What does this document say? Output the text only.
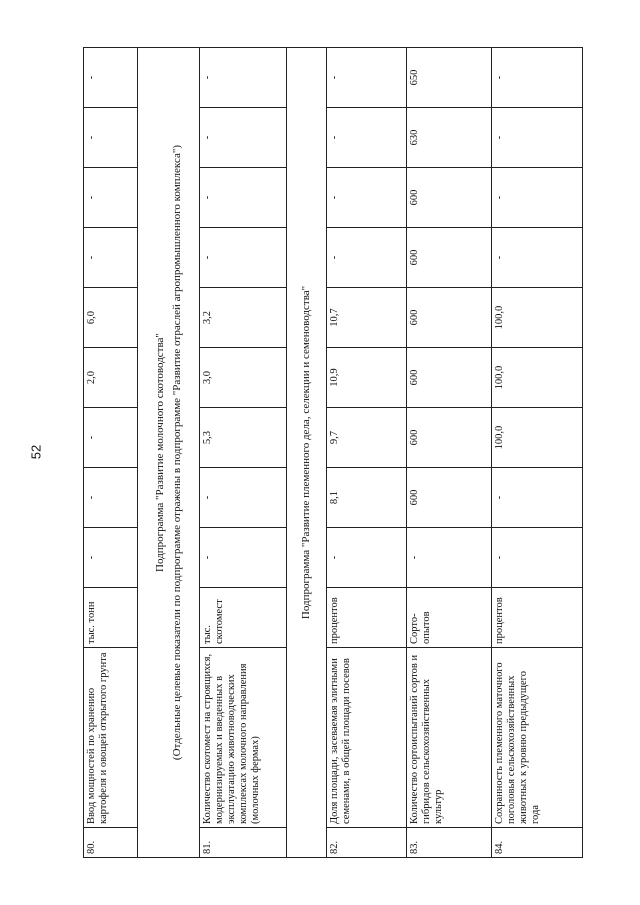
52
80.	Ввод мощностей по хранению картофеля и овощей открытого грунта	тыс. тонн	-	-	-	2,0	6,0	-	-	-	-

Подпрограмма "Развитие молочного скотоводства" (Отдельные целевые показатели по подпрограмме отражены в подпрограмме "Развитие отраслей агропромышленного комплекса")											

81.	Количество скотомест на строящихся, модернизируемых и введенных в эксплуатацию животноводческих комплексах молочного направления (молочных фермах)	тыс. скотомест	-	-	5,3	3,0	3,2	-	-	-	-

Подпрограмма "Развитие племенного дела, селекции и семеноводства"											

82.	Доля площади, засеваемая элитными семенами, в общей площади посевов	процентов	-	8,1	9,7	10,9	10,7	-	-	-	-
83.	Количество сортоиспытаний сортов и гибридов сельскохозяйственных культур	Сорто-опытов	-	600	600	600	600	600	600	630	650
84.	Сохранность племенного маточного поголовья сельскохозяйственных животных к уровню предыдущего года	процентов	-	-	100,0	100,0	100,0	-	-	-	-
